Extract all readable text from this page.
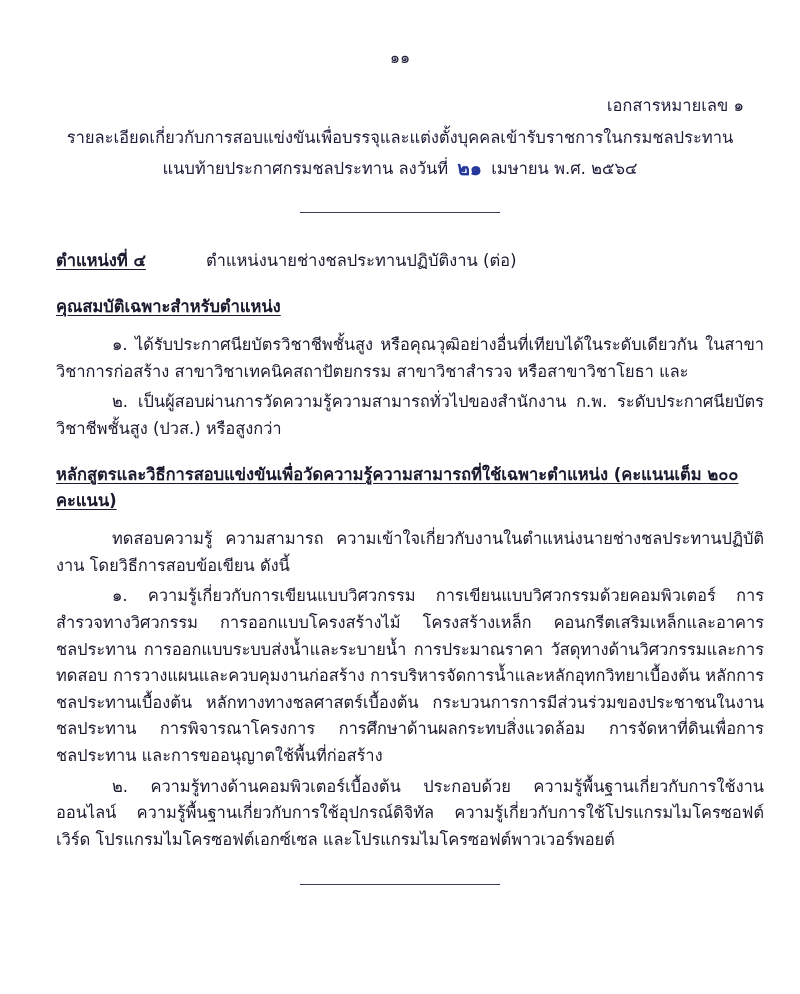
๑๑
เอกสารหมายเลข ๑
รายละเอียดเกี่ยวกับการสอบแข่งขันเพื่อบรรจุและแต่งตั้งบุคคลเข้ารับราชการในกรมชลประทาน
แนบท้ายประกาศกรมชลประทาน ลงวันที่ ๒๑ เมษายน พ.ศ. ๒๕๖๔
ตำแหน่งที่ ๔	ตำแหน่งนายช่างชลประทานปฏิบัติงาน (ต่อ)
คุณสมบัติเฉพาะสำหรับตำแหน่ง

๑. ได้รับประกาศนียบัตรวิชาชีพชั้นสูง หรือคุณวุฒิอย่างอื่นที่เทียบได้ในระดับเดียวกัน ในสาขาวิชาการก่อสร้าง สาขาวิชาเทคนิคสถาปัตยกรรม สาขาวิชาสำรวจ หรือสาขาวิชาโยธา และ

๒. เป็นผู้สอบผ่านการวัดความรู้ความสามารถทั่วไปของสำนักงาน ก.พ. ระดับประกาศนียบัตรวิชาชีพชั้นสูง (ปวส.) หรือสูงกว่า

หลักสูตรและวิธีการสอบแข่งขันเพื่อวัดความรู้ความสามารถที่ใช้เฉพาะตำแหน่ง (คะแนนเต็ม ๒๐๐ คะแนน)

ทดสอบความรู้ ความสามารถ ความเข้าใจเกี่ยวกับงานในตำแหน่งนายช่างชลประทานปฏิบัติงาน โดยวิธีการสอบข้อเขียน ดังนี้

๑. ความรู้เกี่ยวกับการเขียนแบบวิศวกรรม การเขียนแบบวิศวกรรมด้วยคอมพิวเตอร์ การสำรวจทางวิศวกรรม การออกแบบโครงสร้างไม้ โครงสร้างเหล็ก คอนกรีตเสริมเหล็กและอาคารชลประทาน การออกแบบระบบส่งน้ำและระบายน้ำ การประมาณราคา วัสดุทางด้านวิศวกรรมและการทดสอบ การวางแผนและควบคุมงานก่อสร้าง การบริหารจัดการน้ำและหลักอุทกวิทยาเบื้องต้น หลักการชลประทานเบื้องต้น หลักทางทางชลศาสตร์เบื้องต้น กระบวนการการมีส่วนร่วมของประชาชนในงานชลประทาน การพิจารณาโครงการ การศึกษาด้านผลกระทบสิ่งแวดล้อม การจัดหาที่ดินเพื่อการชลประทาน และการขออนุญาตใช้พื้นที่ก่อสร้าง

๒. ความรู้ทางด้านคอมพิวเตอร์เบื้องต้น ประกอบด้วย ความรู้พื้นฐานเกี่ยวกับการใช้งานออนไลน์ ความรู้พื้นฐานเกี่ยวกับการใช้อุปกรณ์ดิจิทัล ความรู้เกี่ยวกับการใช้โปรแกรมไมโครซอฟต์เวิร์ด โปรแกรมไมโครซอฟต์เอกซ์เซล และโปรแกรมไมโครซอฟต์พาวเวอร์พอยต์
